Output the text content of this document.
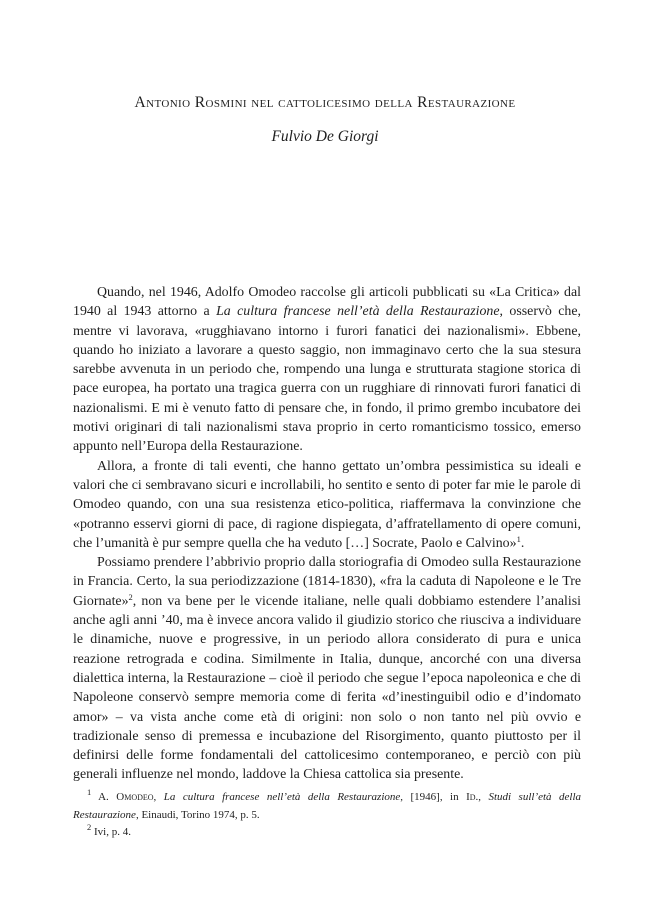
Antonio Rosmini nel cattolicesimo della Restaurazione
Fulvio De Giorgi

Quando, nel 1946, Adolfo Omodeo raccolse gli articoli pubblicati su «La Critica» dal 1940 al 1943 attorno a La cultura francese nell’età della Restaurazione, osservò che, mentre vi lavorava, «rugghiavano intorno i furori fanatici dei nazionalismi». Ebbene, quando ho iniziato a lavorare a questo saggio, non immaginavo certo che la sua stesura sarebbe avvenuta in un periodo che, rompendo una lunga e strutturata stagione storica di pace europea, ha portato una tragica guerra con un rugghiare di rinnovati furori fanatici di nazionalismi. E mi è venuto fatto di pensare che, in fondo, il primo grembo incubatore dei motivi originari di tali nazionalismi stava proprio in certo romanticismo tossico, emerso appunto nell’Europa della Restaurazione.

Allora, a fronte di tali eventi, che hanno gettato un’ombra pessimistica su ideali e valori che ci sembravano sicuri e incrollabili, ho sentito e sento di poter far mie le parole di Omodeo quando, con una sua resistenza etico-politica, riaffermava la convinzione che «potranno esservi giorni di pace, di ragione dispiegata, d’affratellamento di opere comuni, che l’umanità è pur sempre quella che ha veduto […] Socrate, Paolo e Calvino»$^1$.

Possiamo prendere l’abbrivio proprio dalla storiografia di Omodeo sulla Restaurazione in Francia. Certo, la sua periodizzazione (1814-1830), «fra la caduta di Napoleone e le Tre Giornate»$^2$, non va bene per le vicende italiane, nelle quali dobbiamo estendere l’analisi anche agli anni ’40, ma è invece ancora valido il giudizio storico che riusciva a individuare le dinamiche, nuove e progressive, in un periodo allora considerato di pura e unica reazione retrograda e codina. Similmente in Italia, dunque, ancorché con una diversa dialettica interna, la Restaurazione – cioè il periodo che segue l’epoca napoleonica e che di Napoleone conservò sempre memoria come di ferita «d’inestinguibil odio e d’indomato amor» – va vista anche come età di origini: non solo o non tanto nel più ovvio e tradizionale senso di premessa e incubazione del Risorgimento, quanto piuttosto per il definirsi delle forme fondamentali del cattolicesimo contemporaneo, e perciò con più generali influenze nel mondo, laddove la Chiesa cattolica sia presente.

$^1$ A. Omodeo, La cultura francese nell’età della Restaurazione, [1946], in Id., Studi sull’età della Restaurazione, Einaudi, Torino 1974, p. 5.

$^2$ Ivi, p. 4.
